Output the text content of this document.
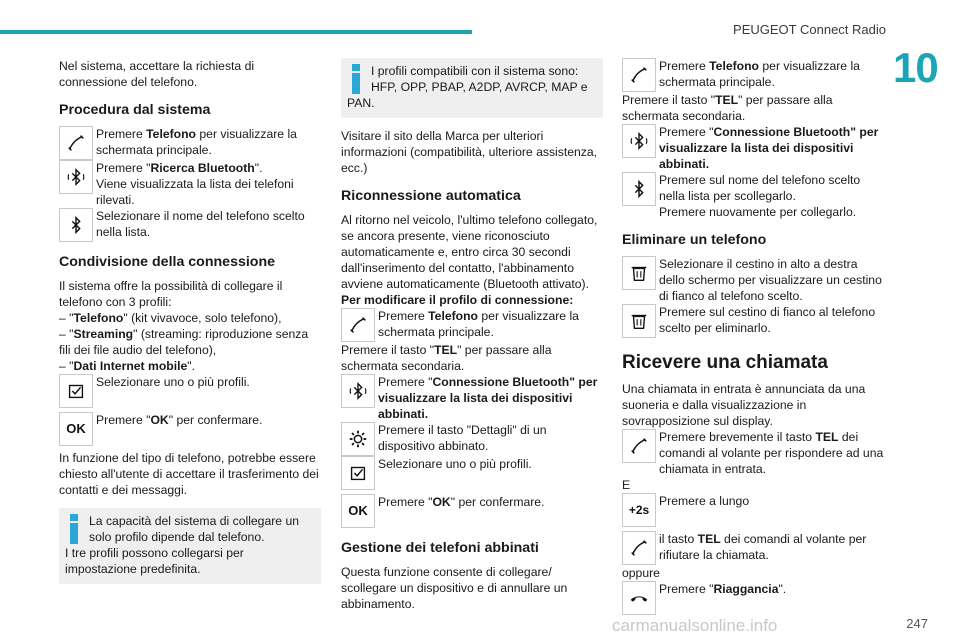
PEUGEOT Connect Radio
10

Nel sistema, accettare la richiesta di connessione del telefono.

Procedura dal sistema
Premere Telefono per visualizzare la schermata principale.
Premere "Ricerca Bluetooth".
Viene visualizzata la lista dei telefoni rilevati.
Selezionare il nome del telefono scelto nella lista.
Condivisione della connessione

Il sistema offre la possibilità di collegare il telefono con 3 profili:

– "Telefono" (kit vivavoce, solo telefono),

– "Streaming" (streaming: riproduzione senza fili dei file audio del telefono),

– "Dati Internet mobile".

Selezionare uno o più profili.
OK
Premere "OK" per confermare.

In funzione del tipo di telefono, potrebbe essere chiesto all'utente di accettare il trasferimento dei contatti e dei messaggi.

La capacità del sistema di collegare un solo profilo dipende dal telefono.
I tre profili possono collegarsi per impostazione predefinita.
I profili compatibili con il sistema sono: HFP, OPP, PBAP, A2DP, AVRCP, MAP e PAN.

Visitare il sito della Marca per ulteriori informazioni (compatibilità, ulteriore assistenza, ecc.)

Riconnessione automatica

Al ritorno nel veicolo, l'ultimo telefono collegato, se ancora presente, viene riconosciuto automaticamente e, entro circa 30 secondi dall'inserimento del contatto, l'abbinamento avviene automaticamente (Bluetooth attivato).

Per modificare il profilo di connessione:

Premere Telefono per visualizzare la schermata principale.

Premere il tasto "TEL" per passare alla schermata secondaria.

Premere "Connessione Bluetooth" per visualizzare la lista dei dispositivi abbinati.
Premere il tasto "Dettagli" di un dispositivo abbinato.
Selezionare uno o più profili.
OK
Premere "OK" per confermare.
Gestione dei telefoni abbinati

Questa funzione consente di collegare/ scollegare un dispositivo e di annullare un abbinamento.

Premere Telefono per visualizzare la schermata principale.

Premere il tasto "TEL" per passare alla schermata secondaria.

Premere "Connessione Bluetooth" per visualizzare la lista dei dispositivi abbinati.
Premere sul nome del telefono scelto nella lista per scollegarlo.
Premere nuovamente per collegarlo.
Eliminare un telefono
Selezionare il cestino in alto a destra dello schermo per visualizzare un cestino di fianco al telefono scelto.
Premere sul cestino di fianco al telefono scelto per eliminarlo.
Ricevere una chiamata

Una chiamata in entrata è annunciata da una suoneria e dalla visualizzazione in sovrapposizione sul display.

Premere brevemente il tasto TEL dei comandi al volante per rispondere ad una chiamata in entrata.

E

+2s
Premere a lungo
il tasto TEL dei comandi al volante per rifiutare la chiamata.

oppure

Premere "Riaggancia".
carmanualsonline.info	247
